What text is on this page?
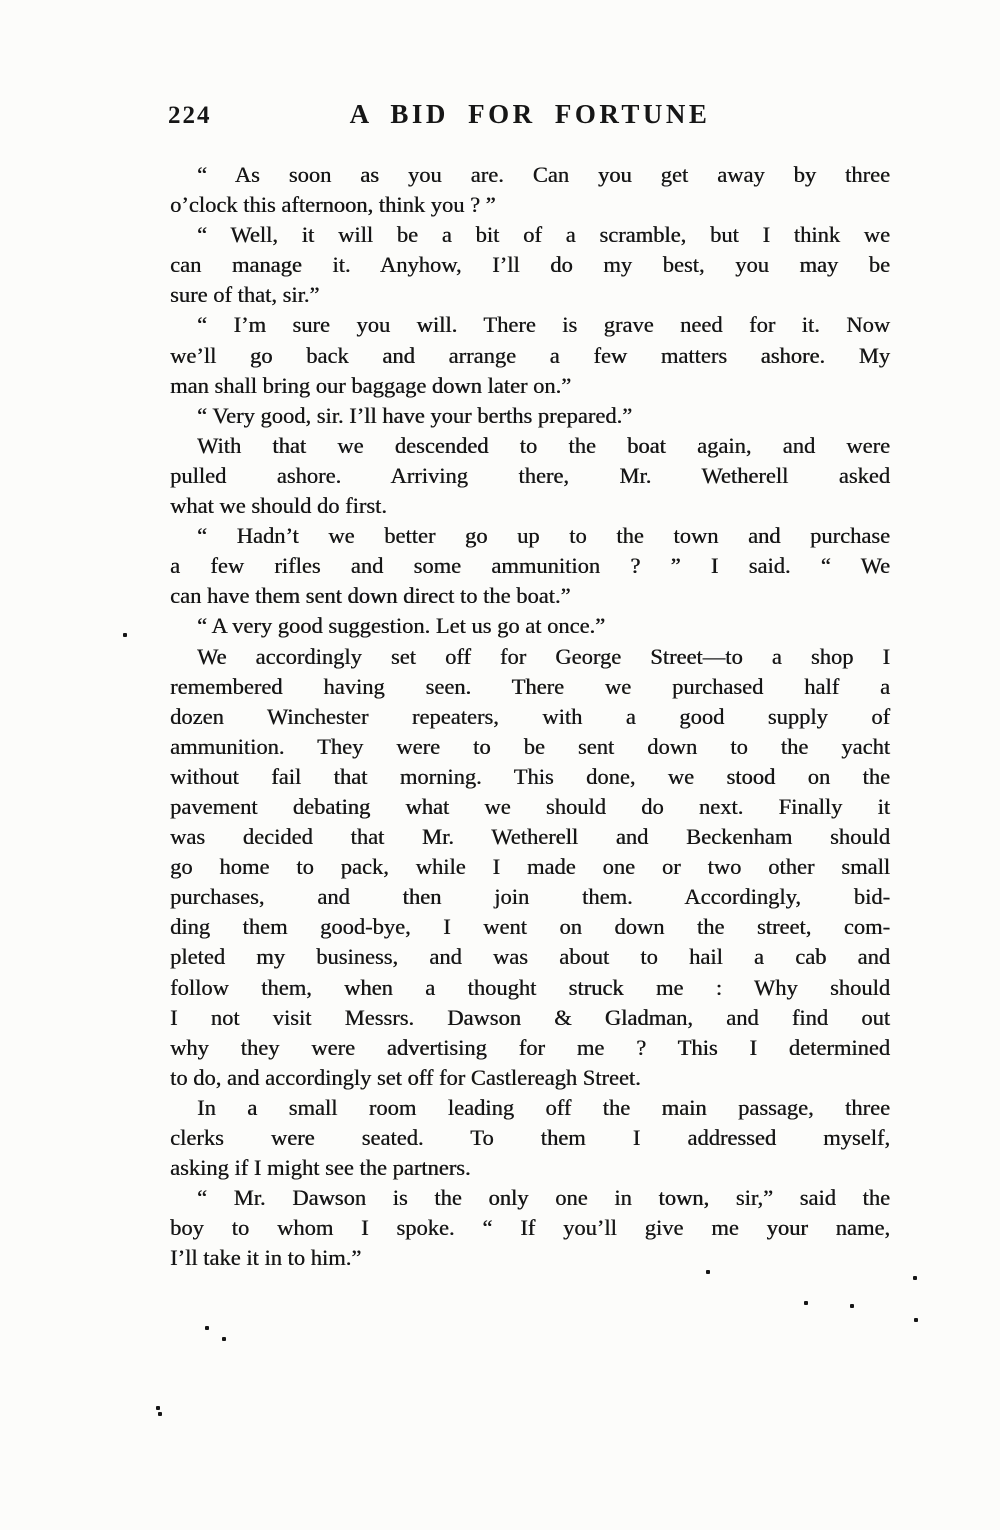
224	A BID FOR FORTUNE

“ As soon as you are. Can you get away by three
o’clock this afternoon, think you ? ”

“ Well, it will be a bit of a scramble, but I think we
can manage it. Anyhow, I’ll do my best, you may be
sure of that, sir.”

“ I’m sure you will. There is grave need for it. Now
we’ll go back and arrange a few matters ashore. My
man shall bring our baggage down later on.”

“ Very good, sir. I’ll have your berths prepared.”

With that we descended to the boat again, and were
pulled ashore. Arriving there, Mr. Wetherell asked
what we should do first.

“ Hadn’t we better go up to the town and purchase
a few rifles and some ammunition ? ” I said. “ We
can have them sent down direct to the boat.”

“ A very good suggestion. Let us go at once.”

We accordingly set off for George Street—to a shop I
remembered having seen. There we purchased half a
dozen Winchester repeaters, with a good supply of
ammunition. They were to be sent down to the yacht
without fail that morning. This done, we stood on the
pavement debating what we should do next. Finally it
was decided that Mr. Wetherell and Beckenham should
go home to pack, while I made one or two other small
purchases, and then join them. Accordingly, bid-
ding them good-bye, I went on down the street, com-
pleted my business, and was about to hail a cab and
follow them, when a thought struck me : Why should
I not visit Messrs. Dawson & Gladman, and find out
why they were advertising for me ? This I determined
to do, and accordingly set off for Castlereagh Street.

In a small room leading off the main passage, three
clerks were seated. To them I addressed myself,
asking if I might see the partners.

“ Mr. Dawson is the only one in town, sir,” said the
boy to whom I spoke. “ If you’ll give me your name,
I’ll take it in to him.”
